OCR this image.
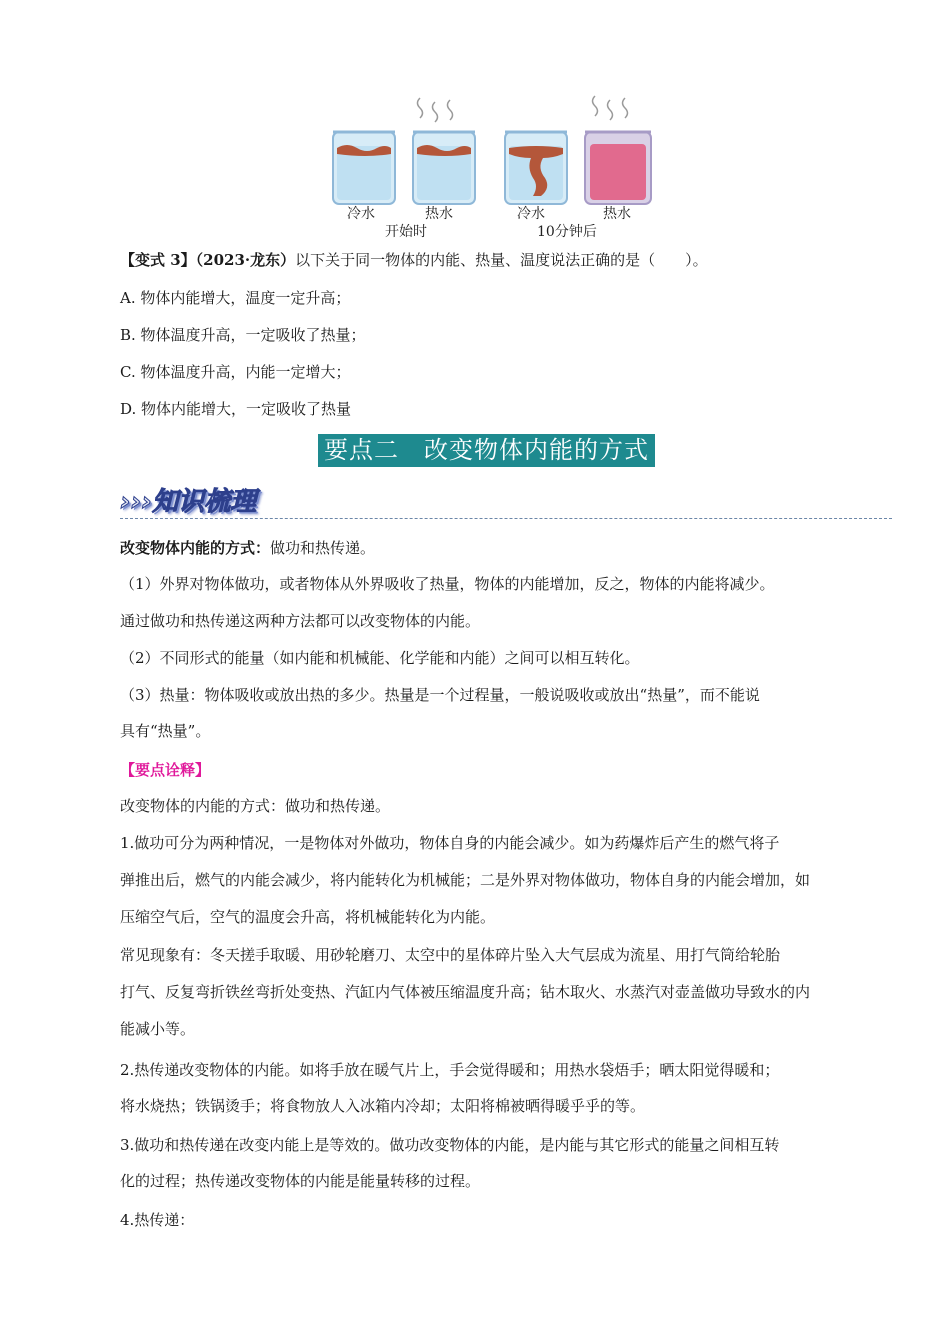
冷水	热水	冷水	热水
开始时	10分钟后
【变式 3】（2023·龙东）以下关于同一物体的内能、热量、温度说法正确的是（　　）。
A. 物体内能增大，温度一定升高；
B. 物体温度升高，一定吸收了热量；
C. 物体温度升高，内能一定增大；
D. 物体内能增大，一定吸收了热量
要点二　改变物体内能的方式
›››知识梳理
改变物体内能的方式：做功和热传递。
（1）外界对物体做功，或者物体从外界吸收了热量，物体的内能增加，反之，物体的内能将减少。
通过做功和热传递这两种方法都可以改变物体的内能。
（2）不同形式的能量（如内能和机械能、化学能和内能）之间可以相互转化。
（3）热量：物体吸收或放出热的多少。热量是一个过程量，一般说吸收或放出“热量”，而不能说
具有“热量”。
【要点诠释】
改变物体的内能的方式：做功和热传递。
1.做功可分为两种情况，一是物体对外做功，物体自身的内能会减少。如为药爆炸后产生的燃气将子
弹推出后，燃气的内能会减少，将内能转化为机械能；二是外界对物体做功，物体自身的内能会增加，如
压缩空气后，空气的温度会升高，将机械能转化为内能。
常见现象有：冬天搓手取暖、用砂轮磨刀、太空中的星体碎片坠入大气层成为流星、用打气筒给轮胎
打气、反复弯折铁丝弯折处变热、汽缸内气体被压缩温度升高；钻木取火、水蒸汽对壶盖做功导致水的内
能减小等。
2.热传递改变物体的内能。如将手放在暖气片上，手会觉得暖和；用热水袋焐手；晒太阳觉得暖和；
将水烧热；铁锅烫手；将食物放人入冰箱内冷却；太阳将棉被晒得暖乎乎的等。
3.做功和热传递在改变内能上是等效的。做功改变物体的内能，是内能与其它形式的能量之间相互转
化的过程；热传递改变物体的内能是能量转移的过程。
4.热传递：
